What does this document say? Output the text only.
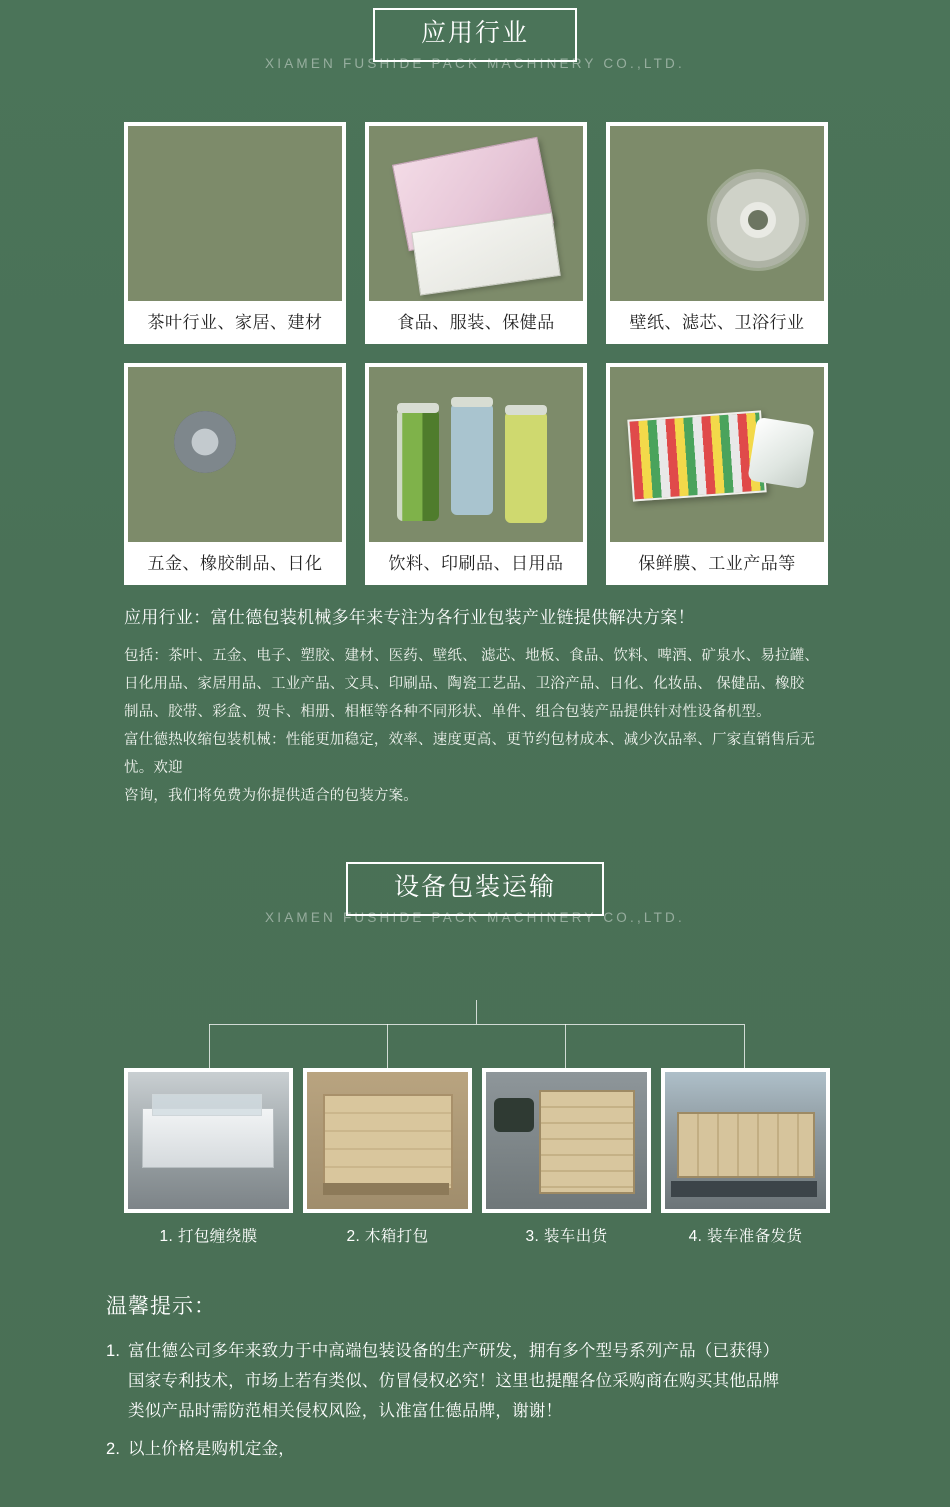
应用行业
XIAMEN FUSHIDE PACK MACHINERY CO.,LTD.
茶叶行业、家居、建材	食品、服装、保健品	壁纸、滤芯、卫浴行业
五金、橡胶制品、日化	饮料、印刷品、日用品	保鲜膜、工业产品等
应用行业：富仕德包装机械多年来专注为各行业包装产业链提供解决方案！

包括：茶叶、五金、电子、塑胶、建材、医药、壁纸、 滤芯、地板、食品、饮料、啤酒、矿泉水、易拉罐、

日化用品、家居用品、工业产品、文具、印刷品、陶瓷工艺品、卫浴产品、日化、化妆品、 保健品、橡胶

制品、胶带、彩盒、贺卡、相册、相框等各种不同形状、单件、组合包装产品提供针对性设备机型。

富仕德热收缩包装机械：性能更加稳定，效率、速度更高、更节约包材成本、减少次品率、厂家直销售后无忧。欢迎

咨询，我们将免费为你提供适合的包装方案。

设备包装运输
XIAMEN FUSHIDE PACK MACHINERY CO.,LTD.
1. 打包缠绕膜	2. 木箱打包	3. 装车出货	4. 装车准备发货
温馨提示：
1. 富仕德公司多年来致力于中高端包装设备的生产研发，拥有多个型号系列产品（已获得）
国家专利技术，市场上若有类似、仿冒侵权必究！这里也提醒各位采购商在购买其他品牌
类似产品时需防范相关侵权风险，认准富仕德品牌，谢谢！
2. 以上价格是购机定金，
